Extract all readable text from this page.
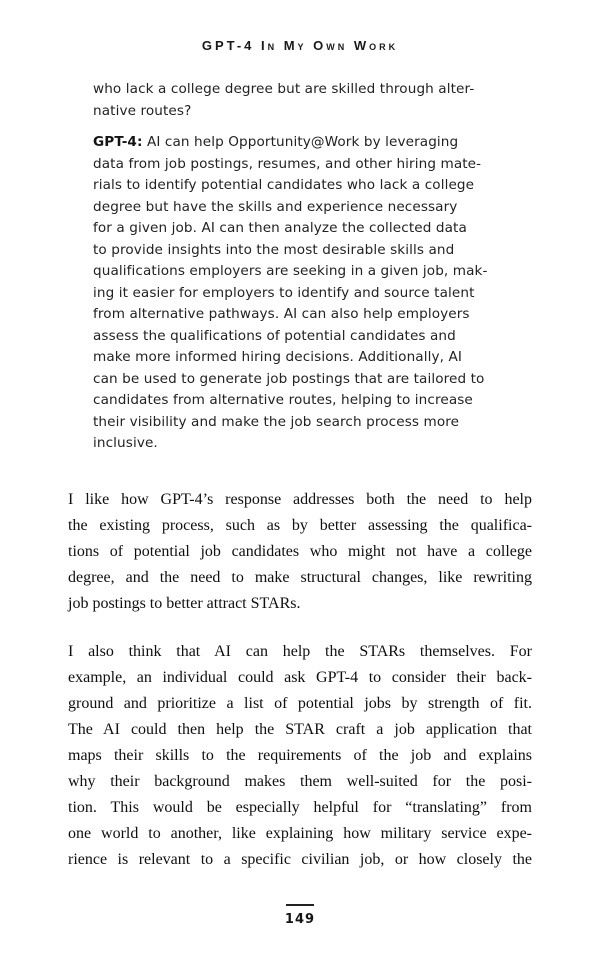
GPT-4 In My Own Work
who lack a college degree but are skilled through alter-
native routes?
GPT-4: AI can help Opportunity@Work by leveraging
data from job postings, resumes, and other hiring mate-
rials to identify potential candidates who lack a college
degree but have the skills and experience necessary
for a given job. AI can then analyze the collected data
to provide insights into the most desirable skills and
qualifications employers are seeking in a given job, mak-
ing it easier for employers to identify and source talent
from alternative pathways. AI can also help employers
assess the qualifications of potential candidates and
make more informed hiring decisions. Additionally, AI
can be used to generate job postings that are tailored to
candidates from alternative routes, helping to increase
their visibility and make the job search process more
inclusive.
I like how GPT-4’s response addresses both the need to help
the existing process, such as by better assessing the qualifica-
tions of potential job candidates who might not have a college
degree, and the need to make structural changes, like rewriting
job postings to better attract STARs.
I also think that AI can help the STARs themselves. For
example, an individual could ask GPT-4 to consider their back-
ground and prioritize a list of potential jobs by strength of fit.
The AI could then help the STAR craft a job application that
maps their skills to the requirements of the job and explains
why their background makes them well-suited for the posi-
tion. This would be especially helpful for “translating” from
one world to another, like explaining how military service expe-
rience is relevant to a specific civilian job, or how closely the
149
